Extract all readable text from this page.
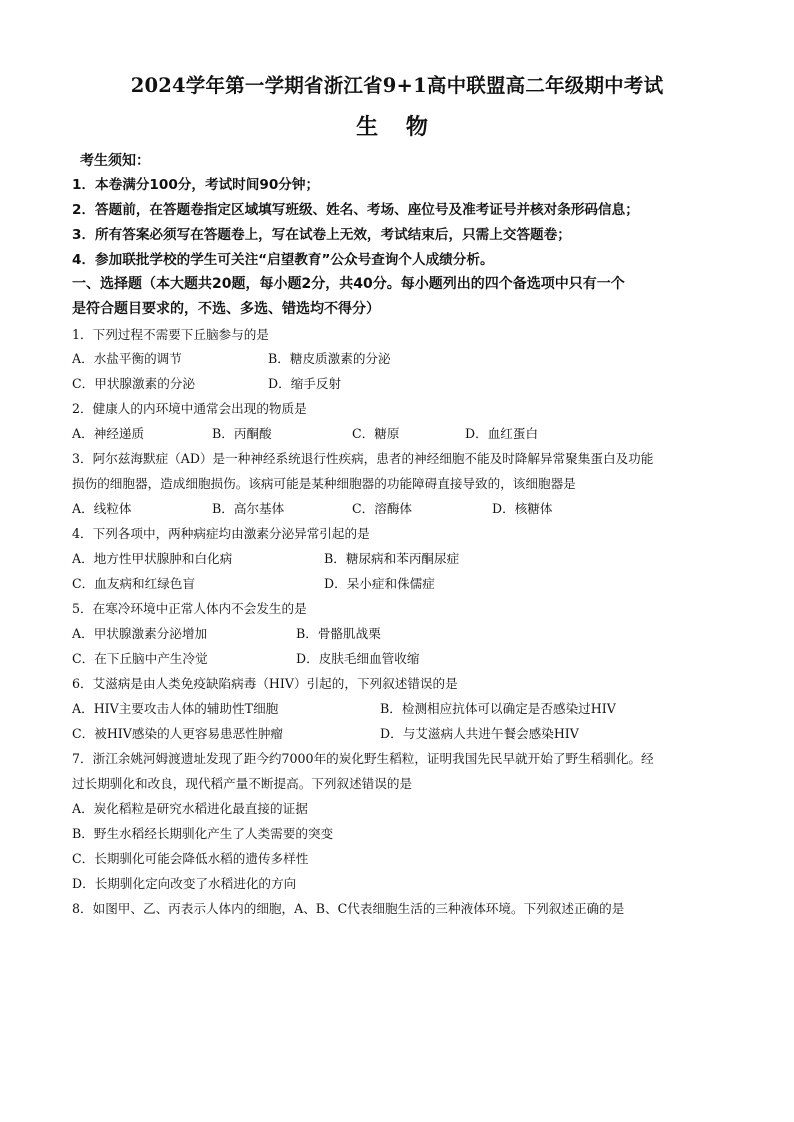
2024学年第一学期省浙江省9+1高中联盟高二年级期中考试
生 物
考生须知：
1．本卷满分100分，考试时间90分钟；
2．答题前，在答题卷指定区域填写班级、姓名、考场、座位号及准考证号并核对条形码信息；
3．所有答案必须写在答题卷上，写在试卷上无效，考试结束后，只需上交答题卷；
4．参加联批学校的学生可关注“启望教育”公众号查询个人成绩分析。
一、选择题（本大题共20题，每小题2分，共40分。每小题列出的四个备选项中只有一个
是符合题目要求的，不选、多选、错选均不得分）
1．下列过程不需要下丘脑参与的是
A．水盐平衡的调节	B．糖皮质激素的分泌
C．甲状腺激素的分泌	D．缩手反射
2．健康人的内环境中通常会出现的物质是
A．神经递质	B．丙酮酸	C．糖原	D．血红蛋白
3．阿尔兹海默症（AD）是一种神经系统退行性疾病，患者的神经细胞不能及时降解异常聚集蛋白及功能
损伤的细胞器，造成细胞损伤。该病可能是某种细胞器的功能障碍直接导致的，该细胞器是
A．线粒体	B．高尔基体	C．溶酶体	D．核糖体
4．下列各项中，两种病症均由激素分泌异常引起的是
A．地方性甲状腺肿和白化病	B．糖尿病和苯丙酮尿症
C．血友病和红绿色盲	D．呆小症和侏儒症
5．在寒冷环境中正常人体内不会发生的是
A．甲状腺激素分泌增加	B．骨骼肌战栗
C．在下丘脑中产生冷觉	D．皮肤毛细血管收缩
6．艾滋病是由人类免疫缺陷病毒（HIV）引起的，下列叙述错误的是
A．HIV主要攻击人体的辅助性T细胞	B．检测相应抗体可以确定是否感染过HIV
C．被HIV感染的人更容易患恶性肿瘤	D．与艾滋病人共进午餐会感染HIV
7．浙江余姚河姆渡遗址发现了距今约7000年的炭化野生稻粒，证明我国先民早就开始了野生稻驯化。经
过长期驯化和改良，现代稻产量不断提高。下列叙述错误的是
A．炭化稻粒是研究水稻进化最直接的证据
B．野生水稻经长期驯化产生了人类需要的突变
C．长期驯化可能会降低水稻的遗传多样性
D．长期驯化定向改变了水稻进化的方向
8．如图甲、乙、丙表示人体内的细胞，A、B、C代表细胞生活的三种液体环境。下列叙述正确的是
